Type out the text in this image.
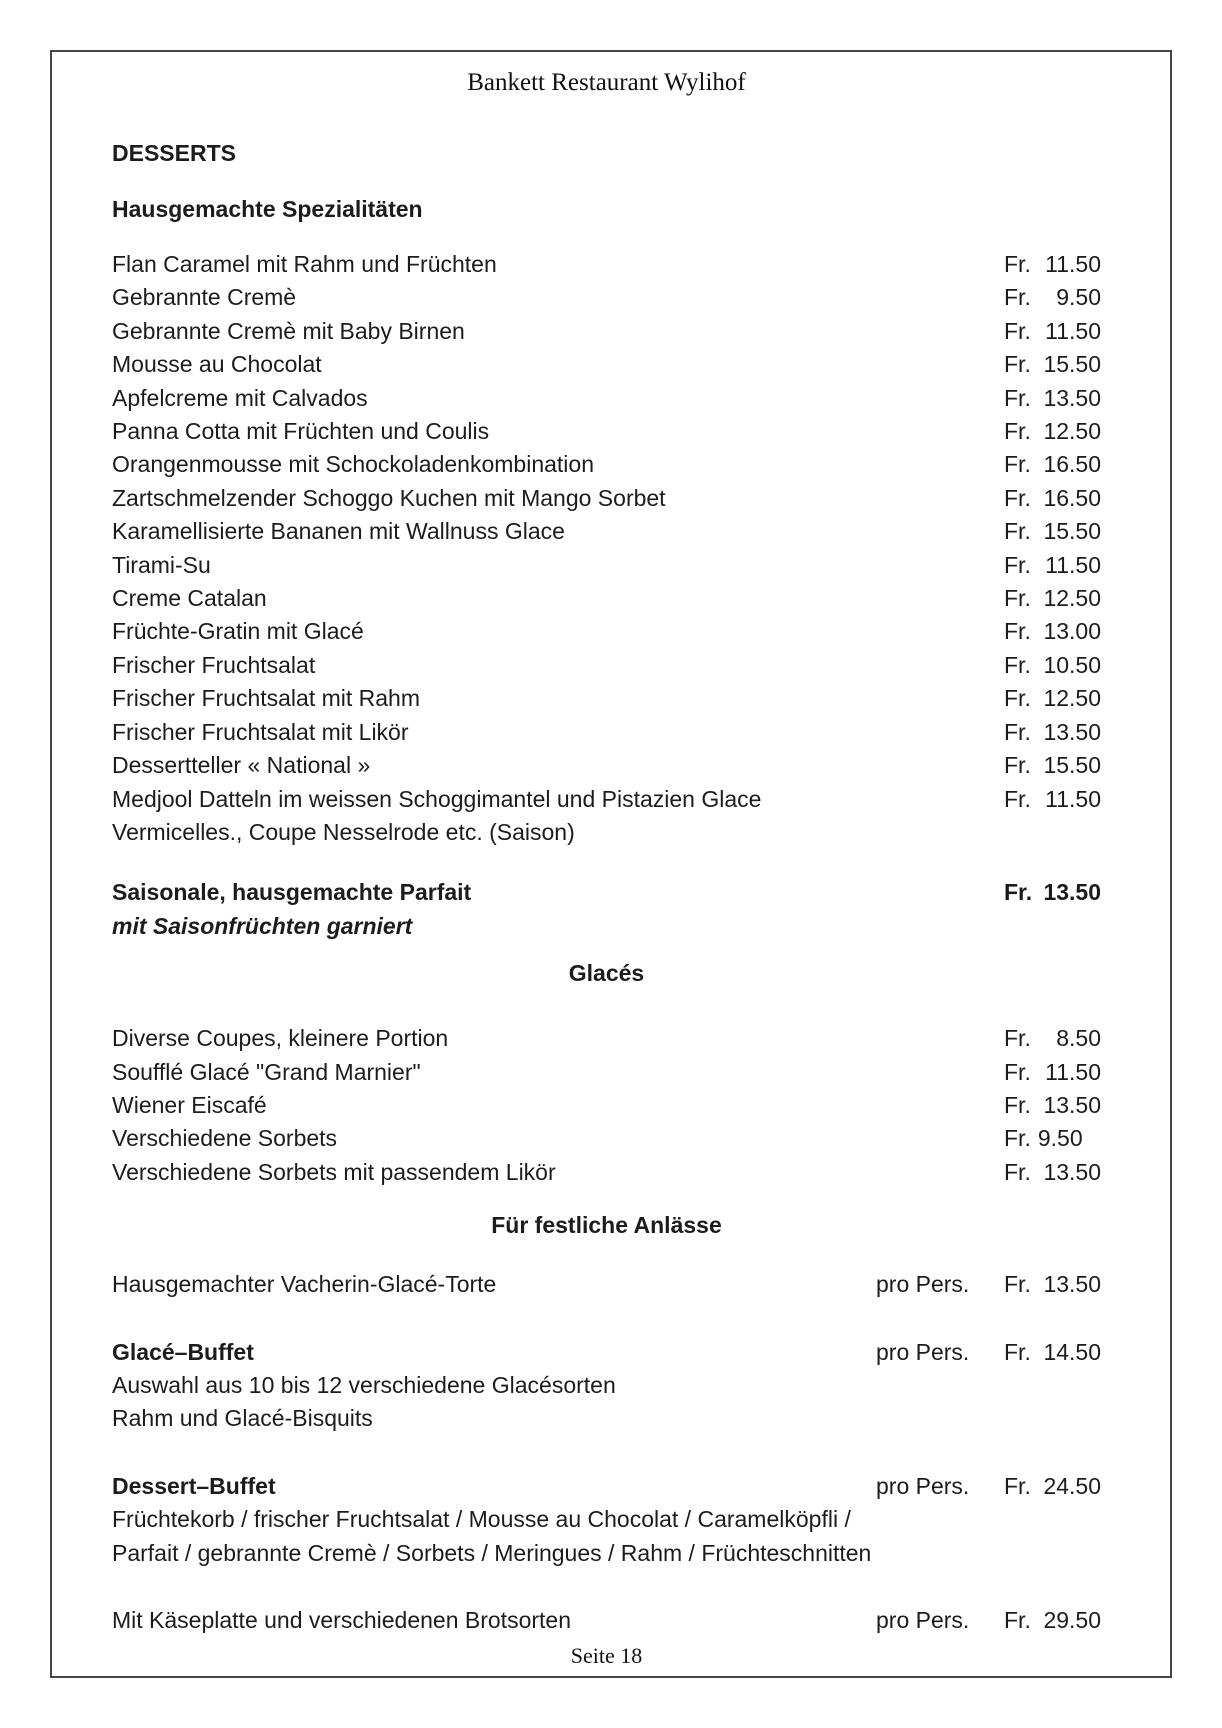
Bankett Restaurant Wylihof
DESSERTS
Hausgemachte Spezialitäten
Flan Caramel mit Rahm und Früchten	Fr. 11.50
Gebrannte Cremè	Fr. 9.50
Gebrannte Cremè mit Baby Birnen	Fr. 11.50
Mousse au Chocolat	Fr. 15.50
Apfelcreme mit Calvados	Fr. 13.50
Panna Cotta mit Früchten und Coulis	Fr. 12.50
Orangenmousse mit Schockoladenkombination	Fr. 16.50
Zartschmelzender Schoggo Kuchen mit Mango Sorbet	Fr. 16.50
Karamellisierte Bananen mit Wallnuss Glace	Fr. 15.50
Tirami-Su	Fr. 11.50
Creme Catalan	Fr. 12.50
Früchte-Gratin mit Glacé	Fr. 13.00
Frischer Fruchtsalat	Fr. 10.50
Frischer Fruchtsalat mit Rahm	Fr. 12.50
Frischer Fruchtsalat mit Likör	Fr. 13.50
Dessertteller « National »	Fr. 15.50
Medjool Datteln im weissen Schoggimantel und Pistazien Glace	Fr. 11.50
Vermicelles., Coupe Nesselrode etc. (Saison)
Saisonale, hausgemachte Parfait	Fr. 13.50
mit Saisonfrüchten garniert
Glacés
Diverse Coupes, kleinere Portion	Fr. 8.50
Soufflé Glacé "Grand Marnier"	Fr. 11.50
Wiener Eiscafé	Fr. 13.50
Verschiedene Sorbets	Fr. 9.50
Verschiedene Sorbets mit passendem Likör	Fr. 13.50
Für festliche Anlässe
Hausgemachter Vacherin-Glacé-Torte	pro Pers.	Fr. 13.50
Glacé–Buffet	pro Pers.	Fr. 14.50
Auswahl aus 10 bis 12 verschiedene Glacésorten
Rahm und Glacé-Bisquits
Dessert–Buffet	pro Pers.	Fr. 24.50
Früchtekorb / frischer Fruchtsalat / Mousse au Chocolat / Caramelköpfli /
Parfait / gebrannte Cremè / Sorbets / Meringues / Rahm / Früchteschnitten
Mit Käseplatte und verschiedenen Brotsorten	pro Pers.	Fr. 29.50
Seite 18
